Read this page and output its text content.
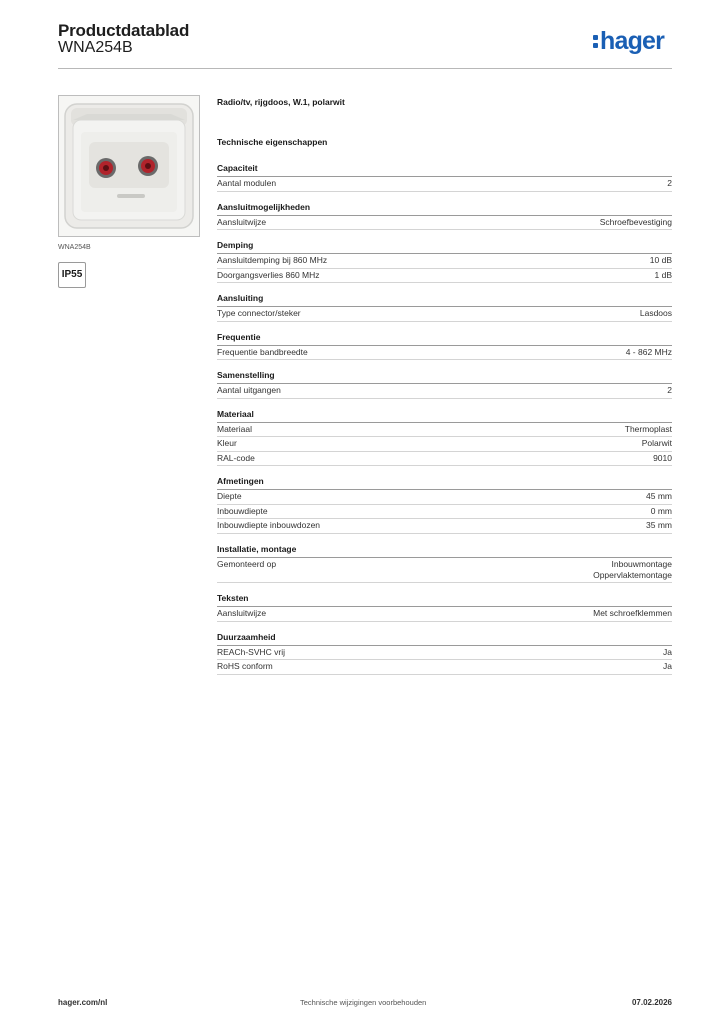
Productdatablad
WNA254B	hager
WNA254B
IP55
Radio/tv, rijgdoos, W.1, polarwit
Technische eigenschappen
Capaciteit
Aantal modulen	2
Aansluitmogelijkheden
Aansluitwijze	Schroefbevestiging
Demping
Aansluitdemping bij 860 MHz	10 dB
Doorgangsverlies 860 MHz	1 dB
Aansluiting
Type connector/steker	Lasdoos
Frequentie
Frequentie bandbreedte	4 - 862 MHz
Samenstelling
Aantal uitgangen	2
Materiaal
Materiaal	Thermoplast
Kleur	Polarwit
RAL-code	9010
Afmetingen
Diepte	45 mm
Inbouwdiepte	0 mm
Inbouwdiepte inbouwdozen	35 mm
Installatie, montage
Gemonteerd op	Inbouwmontage
Oppervlaktemontage
Teksten
Aansluitwijze	Met schroefklemmen
Duurzaamheid
REACh-SVHC vrij	Ja
RoHS conform	Ja
hager.com/nl	Technische wijzigingen voorbehouden	07.02.2026
